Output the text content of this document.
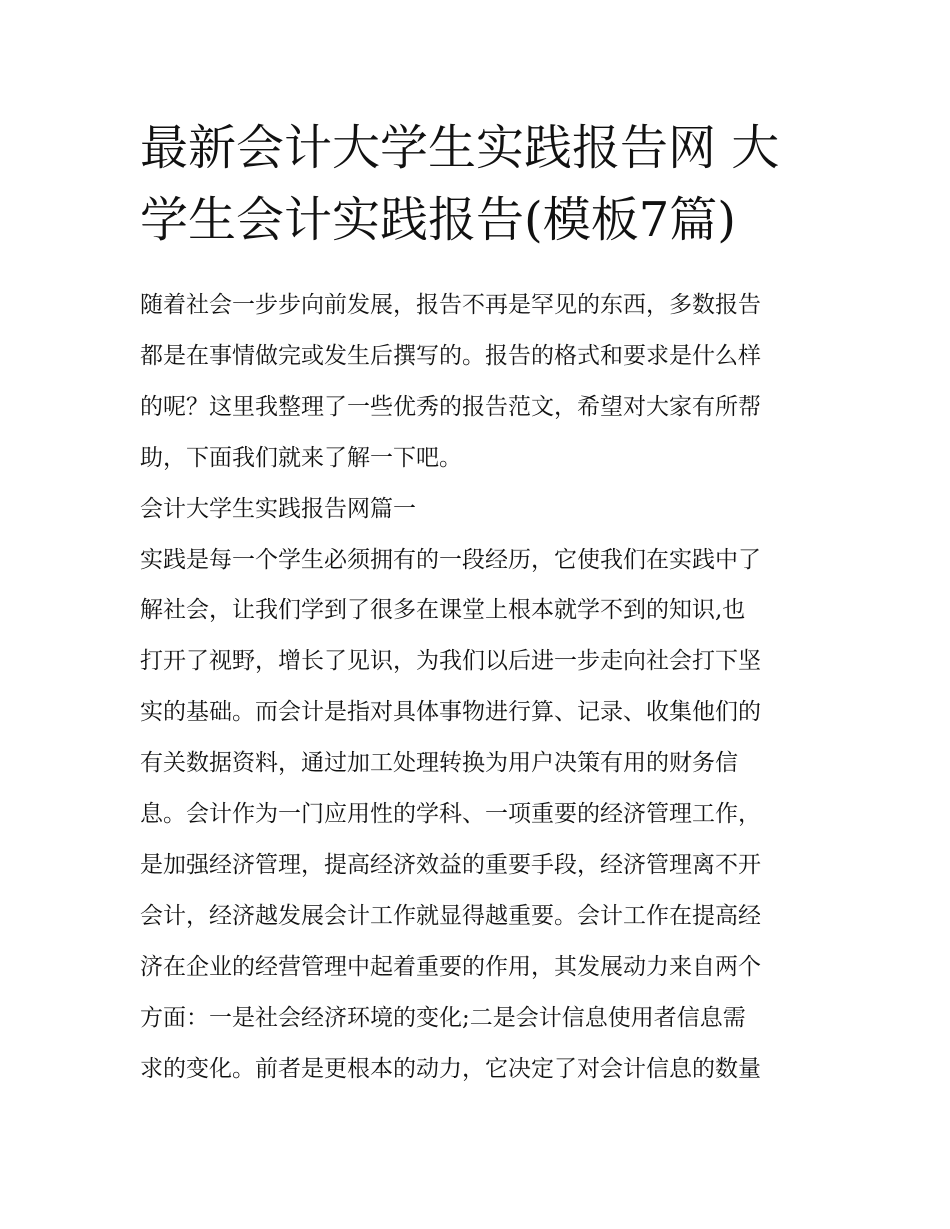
最新会计大学生实践报告网 大
学生会计实践报告(模板7篇)
随着社会一步步向前发展，报告不再是罕见的东西，多数报告
都是在事情做完或发生后撰写的。报告的格式和要求是什么样
的呢？这里我整理了一些优秀的报告范文，希望对大家有所帮
助，下面我们就来了解一下吧。
会计大学生实践报告网篇一
实践是每一个学生必须拥有的一段经历，它使我们在实践中了
解社会，让我们学到了很多在课堂上根本就学不到的知识,也
打开了视野，增长了见识，为我们以后进一步走向社会打下坚
实的基础。而会计是指对具体事物进行算、记录、收集他们的
有关数据资料，通过加工处理转换为用户决策有用的财务信
息。会计作为一门应用性的学科、一项重要的经济管理工作，
是加强经济管理，提高经济效益的重要手段，经济管理离不开
会计，经济越发展会计工作就显得越重要。会计工作在提高经
济在企业的经营管理中起着重要的作用，其发展动力来自两个
方面：一是社会经济环境的变化;二是会计信息使用者信息需
求的变化。前者是更根本的动力，它决定了对会计信息的数量
